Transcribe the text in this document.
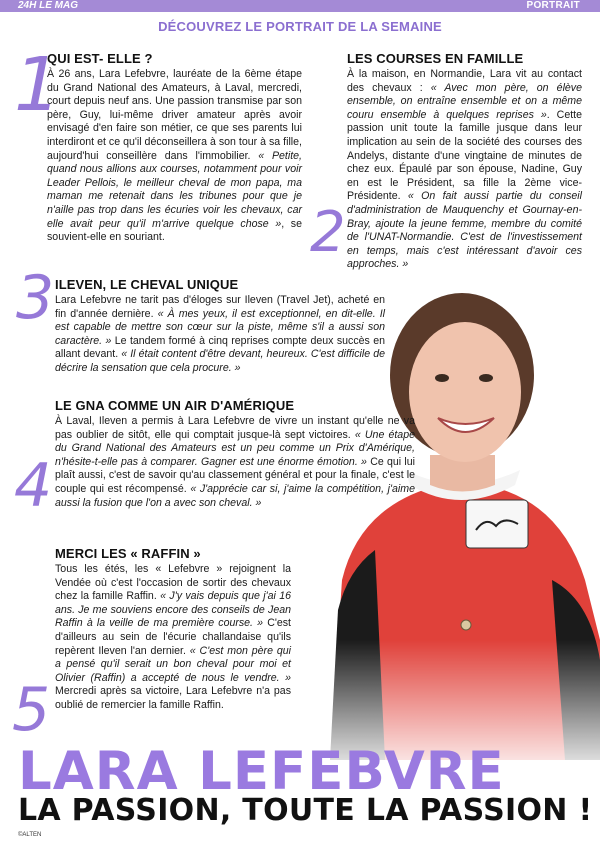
24H LE MAG	PORTRAIT
DÉCOUVREZ LE PORTRAIT DE LA SEMAINE
1
QUI EST- ELLE ?

À 26 ans, Lara Lefebvre, lauréate de la 6ème étape du Grand National des Amateurs, à Laval, mercredi, court depuis neuf ans. Une passion transmise par son père, Guy, lui-même driver amateur après avoir envisagé d'en faire son métier, ce que ses parents lui interdiront et ce qu'il déconseillera à son tour à sa fille, aujourd'hui conseillère dans l'immobilier. « Petite, quand nous allions aux courses, notamment pour voir Leader Pellois, le meilleur cheval de mon papa, ma maman me retenait dans les tribunes pour que je n'aille pas trop dans les écuries voir les chevaux, car elle avait peur qu'il m'arrive quelque chose », se souvient-elle en souriant.	2
LES COURSES EN FAMILLE

À la maison, en Normandie, Lara vit au contact des chevaux : « Avec mon père, on élève ensemble, on entraîne ensemble et on a même couru ensemble à quelques reprises ». Cette passion unit toute la famille jusque dans leur implication au sein de la société des courses des Andelys, distante d'une vingtaine de minutes de chez eux. Épaulé par son épouse, Nadine, Guy en est le Président, sa fille la 2ème vice-Présidente. « On fait aussi partie du conseil d'administration de Mauquenchy et Gournay-en-Bray, ajoute la jeune femme, membre du comité de l'UNAT-Normandie. C'est de l'investissement en temps, mais c'est intéressant d'avoir ces approches. »

3 ILEVEN, LE CHEVAL UNIQUE

Lara Lefebvre ne tarit pas d'éloges sur Ileven (Travel Jet), acheté en fin d'année dernière. « À mes yeux, il est exceptionnel, en dit-elle. Il est capable de mettre son cœur sur la piste, même s'il a aussi son caractère. » Le tandem formé à cinq reprises compte deux succès en allant devant. « Il était content d'être devant, heureux. C'est difficile de décrire la sensation que cela procure. »

4
LE GNA COMME UN AIR D'AMÉRIQUE

À Laval, Ileven a permis à Lara Lefebvre de vivre un instant qu'elle ne va pas oublier de sitôt, elle qui comptait jusque-là sept victoires. « Une étape du Grand National des Amateurs est un peu comme un Prix d'Amérique, n'hésite-t-elle pas à comparer. Gagner est une énorme émotion. » Ce qui lui plaît aussi, c'est de savoir qu'au classement général et pour la finale, c'est le couple qui est récompensé. « J'apprécie car si, j'aime la compétition, j'aime aussi la fusion que l'on a avec son cheval. »

5
MERCI LES « RAFFIN »

Tous les étés, les « Lefebvre » rejoignent la Vendée où c'est l'occasion de sortir des chevaux chez la famille Raffin. « J'y vais depuis que j'ai 16 ans. Je me souviens encore des conseils de Jean Raffin à la veille de ma première course. » C'est d'ailleurs au sein de l'écurie challandaise qu'ils repèrent Ileven l'an dernier. « C'est mon père qui a pensé qu'il serait un bon cheval pour moi et Olivier (Raffin) a accepté de nous le vendre. » Mercredi après sa victoire, Lara Lefebvre n'a pas oublié de remercier la famille Raffin.

LARA LEFEBVRE
LA PASSION, TOUTE LA PASSION !
©ALTEN
